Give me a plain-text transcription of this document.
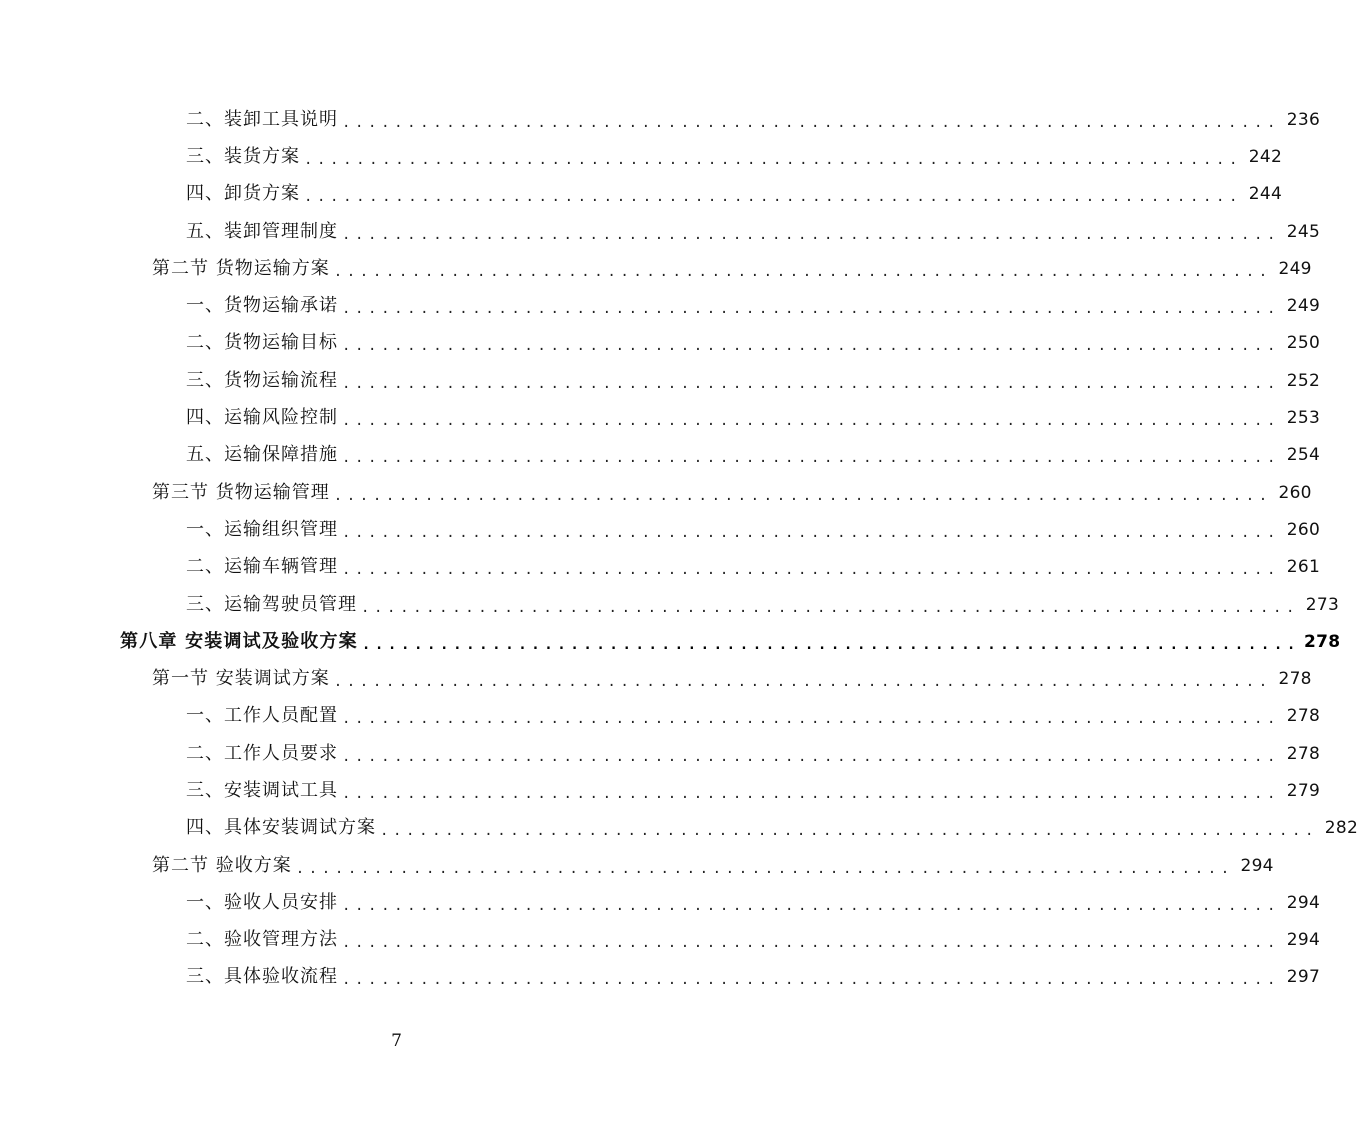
二、装卸工具说明 ........................................................................ 236
三、装货方案 ........................................................................ 242
四、卸货方案 ........................................................................ 244
五、装卸管理制度 ........................................................................ 245
第二节 货物运输方案 ........................................................................ 249
一、货物运输承诺 ........................................................................ 249
二、货物运输目标 ........................................................................ 250
三、货物运输流程 ........................................................................ 252
四、运输风险控制 ........................................................................ 253
五、运输保障措施 ........................................................................ 254
第三节 货物运输管理 ........................................................................ 260
一、运输组织管理 ........................................................................ 260
二、运输车辆管理 ........................................................................ 261
三、运输驾驶员管理 ........................................................................ 273
第八章 安装调试及验收方案 ........................................................................ 278
第一节 安装调试方案 ........................................................................ 278
一、工作人员配置 ........................................................................ 278
二、工作人员要求 ........................................................................ 278
三、安装调试工具 ........................................................................ 279
四、具体安装调试方案 ........................................................................ 282
第二节 验收方案 ........................................................................ 294
一、验收人员安排 ........................................................................ 294
二、验收管理方法 ........................................................................ 294
三、具体验收流程 ........................................................................ 297
7
